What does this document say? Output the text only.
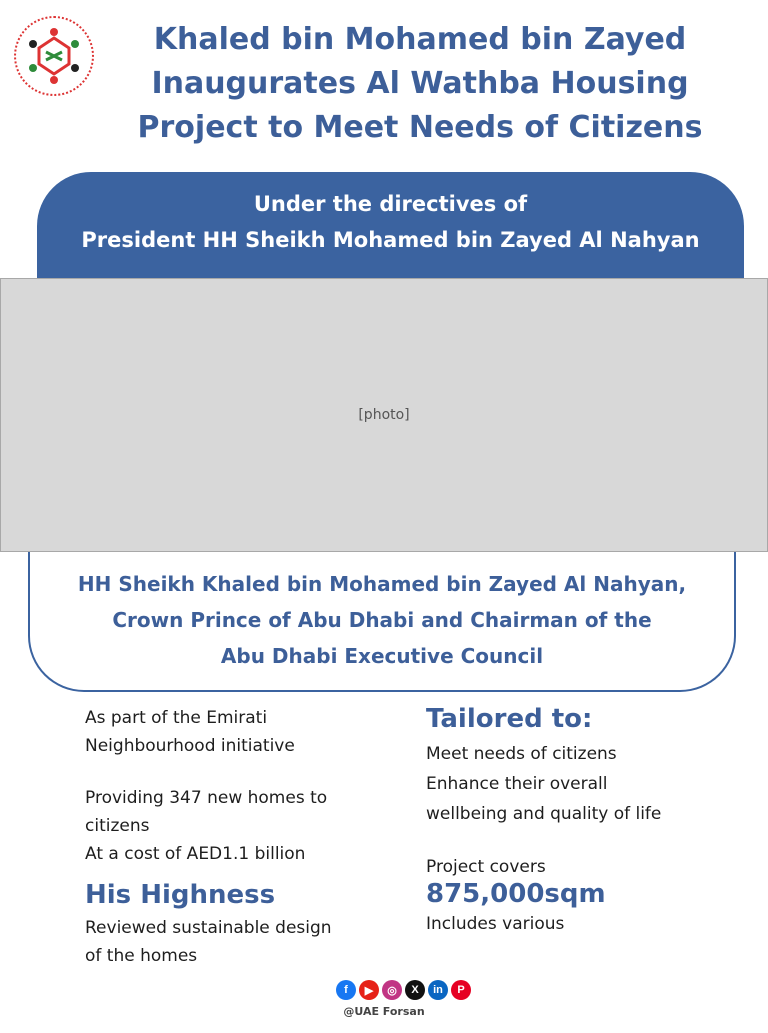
Khaled bin Mohamed bin Zayed
Inaugurates Al Wathba Housing
Project to Meet Needs of Citizens
Under the directives of
President HH Sheikh Mohamed bin Zayed Al Nahyan
[photo]
HH Sheikh Khaled bin Mohamed bin Zayed Al Nahyan,
Crown Prince of Abu Dhabi and Chairman of the
Abu Dhabi Executive Council

As part of the Emirati

Neighbourhood initiative

Providing 347 new homes to

citizens

At a cost of AED1.1 billion

His Highness

Reviewed sustainable design

of the homes

Tailored to:

Meet needs of citizens

Enhance their overall

wellbeing and quality of life

Project covers
875,000sqm
Includes various
f	▶	◎	X	in	P
@UAE Forsan
